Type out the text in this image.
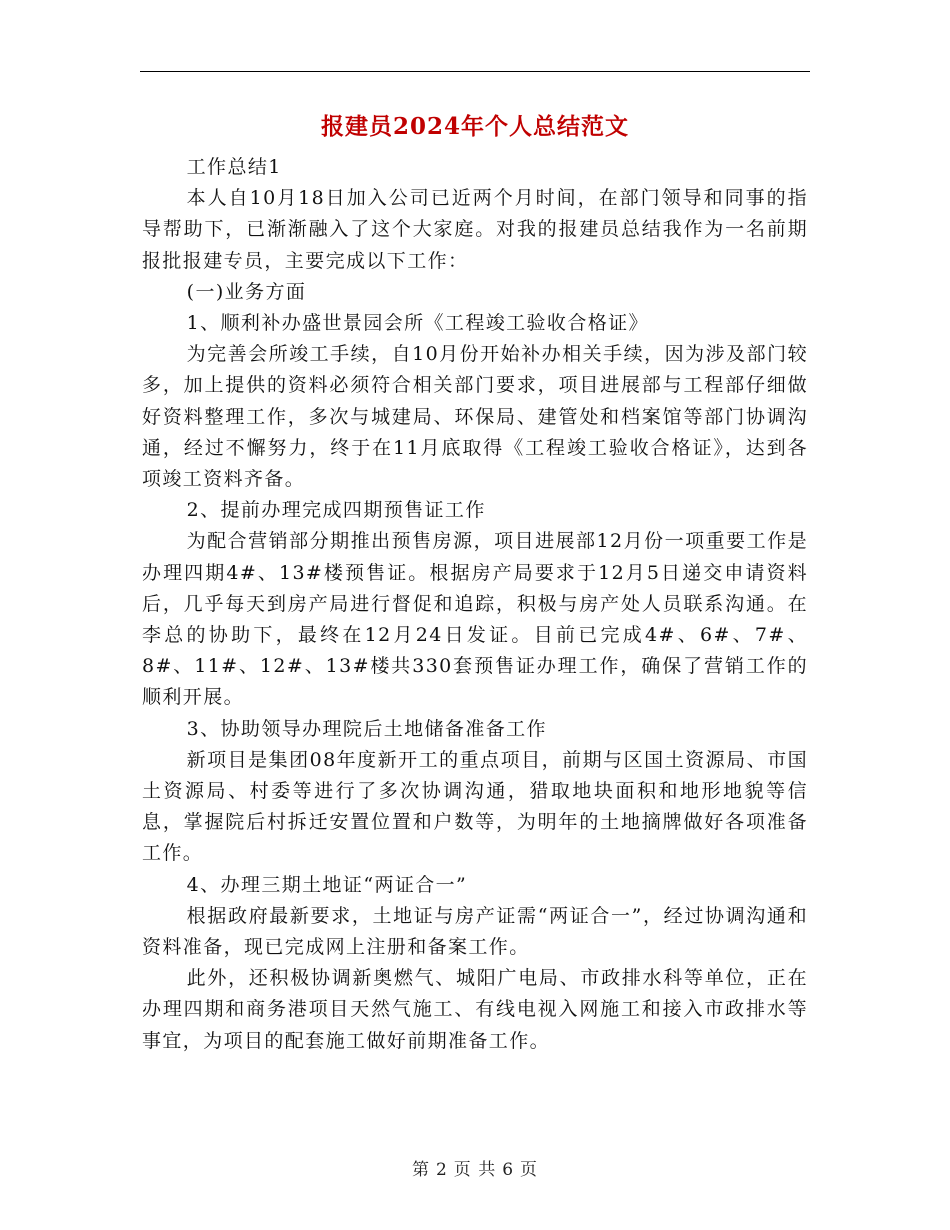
报建员2024年个人总结范文

工作总结1

本人自10月18日加入公司已近两个月时间，在部门领导和同事的指导帮助下，已渐渐融入了这个大家庭。对我的报建员总结我作为一名前期报批报建专员，主要完成以下工作：

(一)业务方面

1、顺利补办盛世景园会所《工程竣工验收合格证》

为完善会所竣工手续，自10月份开始补办相关手续，因为涉及部门较多，加上提供的资料必须符合相关部门要求，项目进展部与工程部仔细做好资料整理工作，多次与城建局、环保局、建管处和档案馆等部门协调沟通，经过不懈努力，终于在11月底取得《工程竣工验收合格证》，达到各项竣工资料齐备。

2、提前办理完成四期预售证工作

为配合营销部分期推出预售房源，项目进展部12月份一项重要工作是办理四期4#、13#楼预售证。根据房产局要求于12月5日递交申请资料后，几乎每天到房产局进行督促和追踪，积极与房产处人员联系沟通。在李总的协助下，最终在12月24日发证。目前已完成4#、6#、7#、8#、11#、12#、13#楼共330套预售证办理工作，确保了营销工作的顺利开展。

3、协助领导办理院后土地储备准备工作

新项目是集团08年度新开工的重点项目，前期与区国土资源局、市国土资源局、村委等进行了多次协调沟通，猎取地块面积和地形地貌等信息，掌握院后村拆迁安置位置和户数等，为明年的土地摘牌做好各项准备工作。

4、办理三期土地证“两证合一”

根据政府最新要求，土地证与房产证需“两证合一”，经过协调沟通和资料准备，现已完成网上注册和备案工作。

此外，还积极协调新奥燃气、城阳广电局、市政排水科等单位，正在办理四期和商务港项目天然气施工、有线电视入网施工和接入市政排水等事宜，为项目的配套施工做好前期准备工作。

第 2 页 共 6 页
